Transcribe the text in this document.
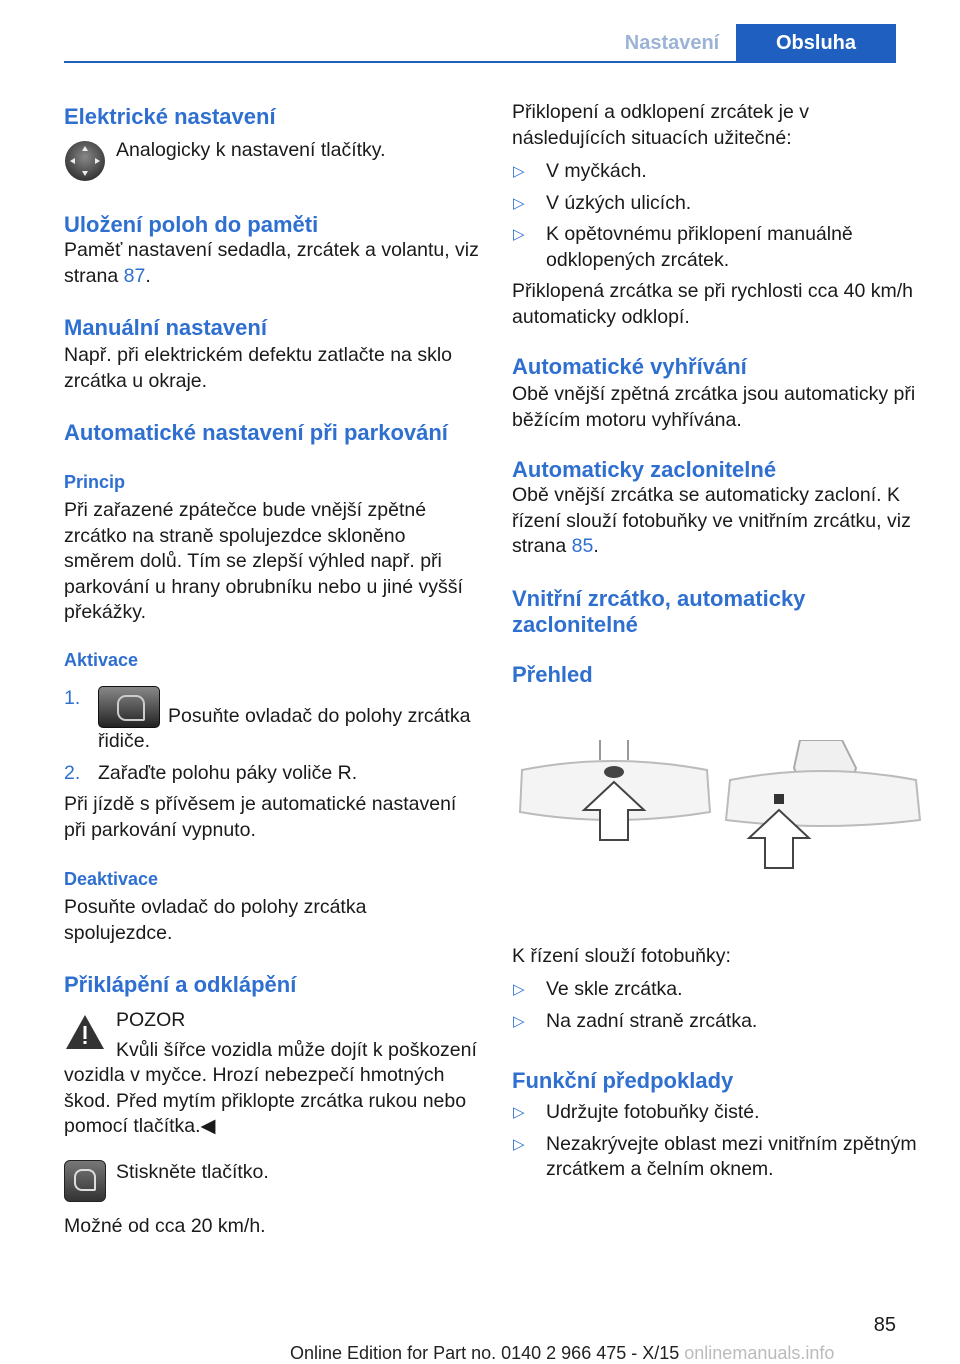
Nastavení	Obsluha
Elektrické nastavení

Analogicky k nastavení tlačítky.

Uložení poloh do paměti

Paměť nastavení sedadla, zrcátek a volantu, viz strana 87.

Manuální nastavení

Např. při elektrickém defektu zatlačte na sklo zrcátka u okraje.

Automatické nastavení při parkování
Princip

Při zařazené zpátečce bude vnější zpětné zrcátko na straně spolujezdce skloněno směrem dolů. Tím se zlepší výhled např. při parkování u hrany obrubníku nebo u jiné vyšší překážky.

Aktivace
1.
Posuňte ovladač do polohy zrcátka řidiče.
2. Zařaďte polohu páky voliče R.

Při jízdě s přívěsem je automatické nastavení při parkování vypnuto.

Deaktivace

Posuňte ovladač do polohy zrcátka spolujezdce.

Přiklápění a odklápění

POZOR

Kvůli šířce vozidla může dojít k poškození vozidla v myčce. Hrozí nebezpečí hmotných škod. Před mytím přiklopte zrcátka rukou nebo pomocí tlačítka.◀

Stiskněte tlačítko.

Možné od cca 20 km/h.

Přiklopení a odklopení zrcátek je v následujících situacích užitečné:

▷ V myčkách.
▷ V úzkých ulicích.
▷ K opětovnému přiklopení manuálně odklopených zrcátek.

Přiklopená zrcátka se při rychlosti cca 40 km/h automaticky odklopí.

Automatické vyhřívání

Obě vnější zpětná zrcátka jsou automaticky při běžícím motoru vyhřívána.

Automaticky zaclonitelné

Obě vnější zrcátka se automaticky zacloní. K řízení slouží fotobuňky ve vnitřním zrcátku, viz strana 85.

Vnitřní zrcátko, automaticky zaclonitelné
Přehled

K řízení slouží fotobuňky:

▷ Ve skle zrcátka.
▷ Na zadní straně zrcátka.
Funkční předpoklady
▷ Udržujte fotobuňky čisté.
▷ Nezakrývejte oblast mezi vnitřním zpětným zrcátkem a čelním oknem.
85
Online Edition for Part no. 0140 2 966 475 - X/15 onlinemanuals.info
